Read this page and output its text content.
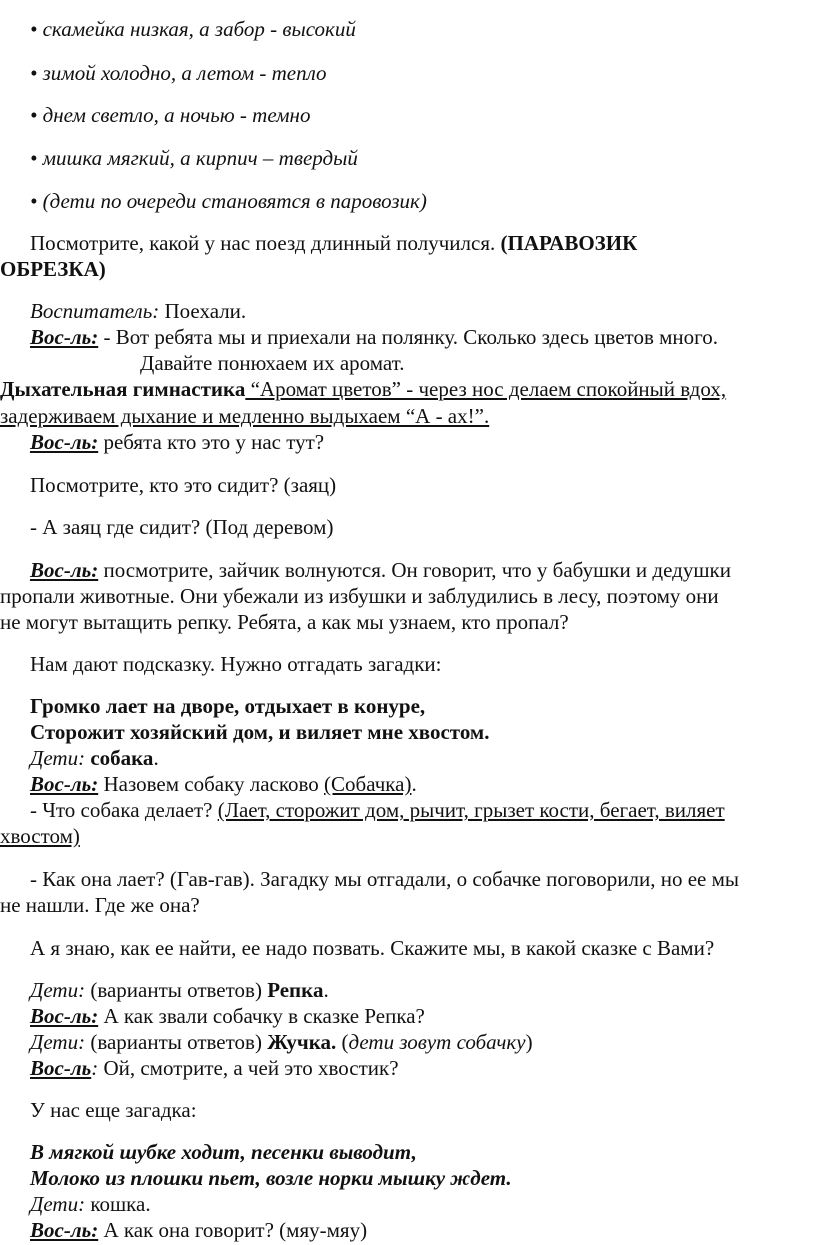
• скамейка низкая, а забор - высокий
• зимой холодно, а летом - тепло
• днем светло, а ночью - темно
• мишка мягкий, а кирпич – твердый
• (дети по очереди становятся в паровозик)
Посмотрите, какой у нас поезд длинный получился. (ПАРАВОЗИК
ОБРЕЗКА)
Воспитатель: Поехали.
Вос-ль: - Вот ребята мы и приехали на полянку. Сколько здесь цветов много.
Давайте понюхаем их аромат.
Дыхательная гимнастика “Аромат цветов” - через нос делаем спокойный вдох,
задерживаем дыхание и медленно выдыхаем “А - ах!”.
Вос-ль: ребята кто это у нас тут?
Посмотрите, кто это сидит? (заяц)
- А заяц где сидит? (Под деревом)
Вос-ль: посмотрите, зайчик волнуются. Он говорит, что у бабушки и дедушки
пропали животные. Они убежали из избушки и заблудились в лесу, поэтому они
не могут вытащить репку. Ребята, а как мы узнаем, кто пропал?
Нам дают подсказку. Нужно отгадать загадки:
Громко лает на дворе, отдыхает в конуре,
Сторожит хозяйский дом, и виляет мне хвостом.
Дети: собака.
Вос-ль: Назовем собаку ласково (Собачка).
- Что собака делает? (Лает, сторожит дом, рычит, грызет кости, бегает, виляет
хвостом)
- Как она лает? (Гав-гав). Загадку мы отгадали, о собачке поговорили, но ее мы
не нашли. Где же она?
А я знаю, как ее найти, ее надо позвать. Скажите мы, в какой сказке с Вами?
Дети: (варианты ответов) Репка.
Вос-ль: А как звали собачку в сказке Репка?
Дети: (варианты ответов) Жучка. (дети зовут собачку)
Вос-ль: Ой, смотрите, а чей это хвостик?
У нас еще загадка:
В мягкой шубке ходит, песенки выводит,
Молоко из плошки пьет, возле норки мышку ждет.
Дети: кошка.
Вос-ль: А как она говорит? (мяу-мяу)
